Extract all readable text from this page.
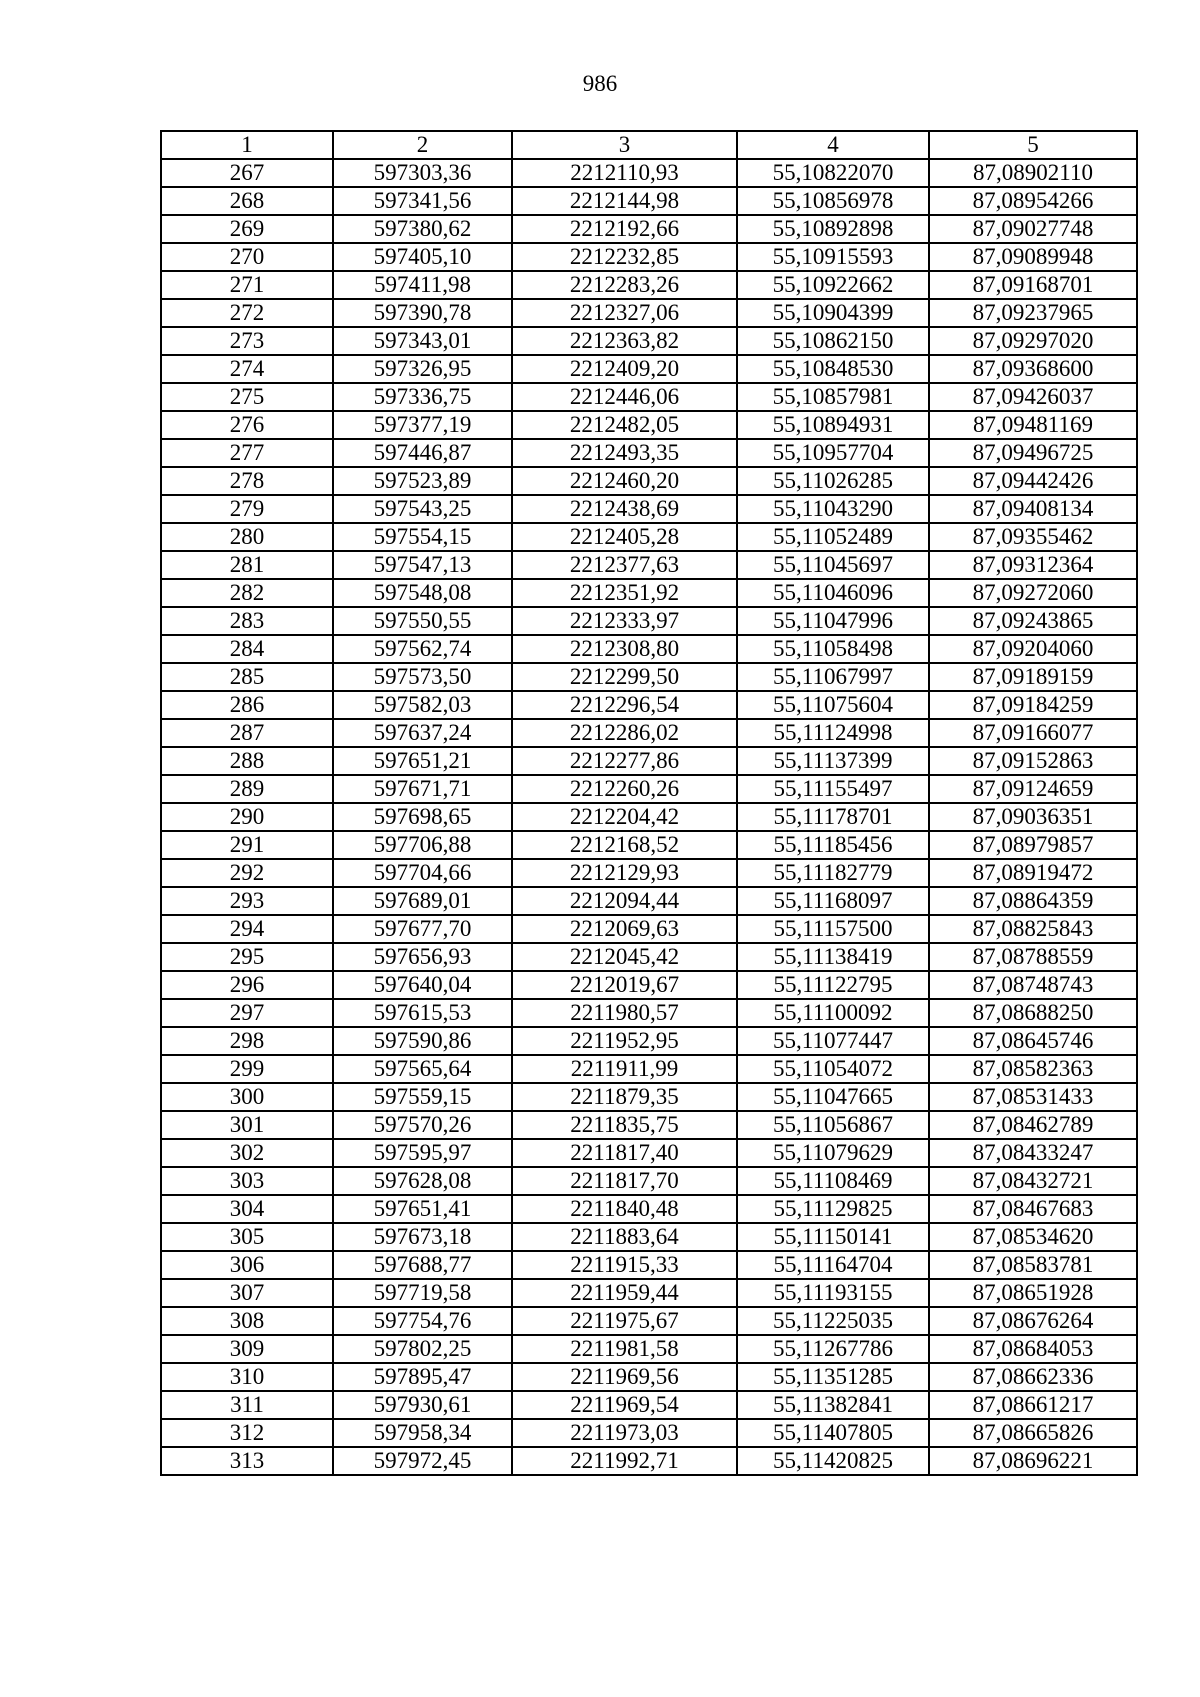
986
1	2	3	4	5
267	597303,36	2212110,93	55,10822070	87,08902110
268	597341,56	2212144,98	55,10856978	87,08954266
269	597380,62	2212192,66	55,10892898	87,09027748
270	597405,10	2212232,85	55,10915593	87,09089948
271	597411,98	2212283,26	55,10922662	87,09168701
272	597390,78	2212327,06	55,10904399	87,09237965
273	597343,01	2212363,82	55,10862150	87,09297020
274	597326,95	2212409,20	55,10848530	87,09368600
275	597336,75	2212446,06	55,10857981	87,09426037
276	597377,19	2212482,05	55,10894931	87,09481169
277	597446,87	2212493,35	55,10957704	87,09496725
278	597523,89	2212460,20	55,11026285	87,09442426
279	597543,25	2212438,69	55,11043290	87,09408134
280	597554,15	2212405,28	55,11052489	87,09355462
281	597547,13	2212377,63	55,11045697	87,09312364
282	597548,08	2212351,92	55,11046096	87,09272060
283	597550,55	2212333,97	55,11047996	87,09243865
284	597562,74	2212308,80	55,11058498	87,09204060
285	597573,50	2212299,50	55,11067997	87,09189159
286	597582,03	2212296,54	55,11075604	87,09184259
287	597637,24	2212286,02	55,11124998	87,09166077
288	597651,21	2212277,86	55,11137399	87,09152863
289	597671,71	2212260,26	55,11155497	87,09124659
290	597698,65	2212204,42	55,11178701	87,09036351
291	597706,88	2212168,52	55,11185456	87,08979857
292	597704,66	2212129,93	55,11182779	87,08919472
293	597689,01	2212094,44	55,11168097	87,08864359
294	597677,70	2212069,63	55,11157500	87,08825843
295	597656,93	2212045,42	55,11138419	87,08788559
296	597640,04	2212019,67	55,11122795	87,08748743
297	597615,53	2211980,57	55,11100092	87,08688250
298	597590,86	2211952,95	55,11077447	87,08645746
299	597565,64	2211911,99	55,11054072	87,08582363
300	597559,15	2211879,35	55,11047665	87,08531433
301	597570,26	2211835,75	55,11056867	87,08462789
302	597595,97	2211817,40	55,11079629	87,08433247
303	597628,08	2211817,70	55,11108469	87,08432721
304	597651,41	2211840,48	55,11129825	87,08467683
305	597673,18	2211883,64	55,11150141	87,08534620
306	597688,77	2211915,33	55,11164704	87,08583781
307	597719,58	2211959,44	55,11193155	87,08651928
308	597754,76	2211975,67	55,11225035	87,08676264
309	597802,25	2211981,58	55,11267786	87,08684053
310	597895,47	2211969,56	55,11351285	87,08662336
311	597930,61	2211969,54	55,11382841	87,08661217
312	597958,34	2211973,03	55,11407805	87,08665826
313	597972,45	2211992,71	55,11420825	87,08696221
